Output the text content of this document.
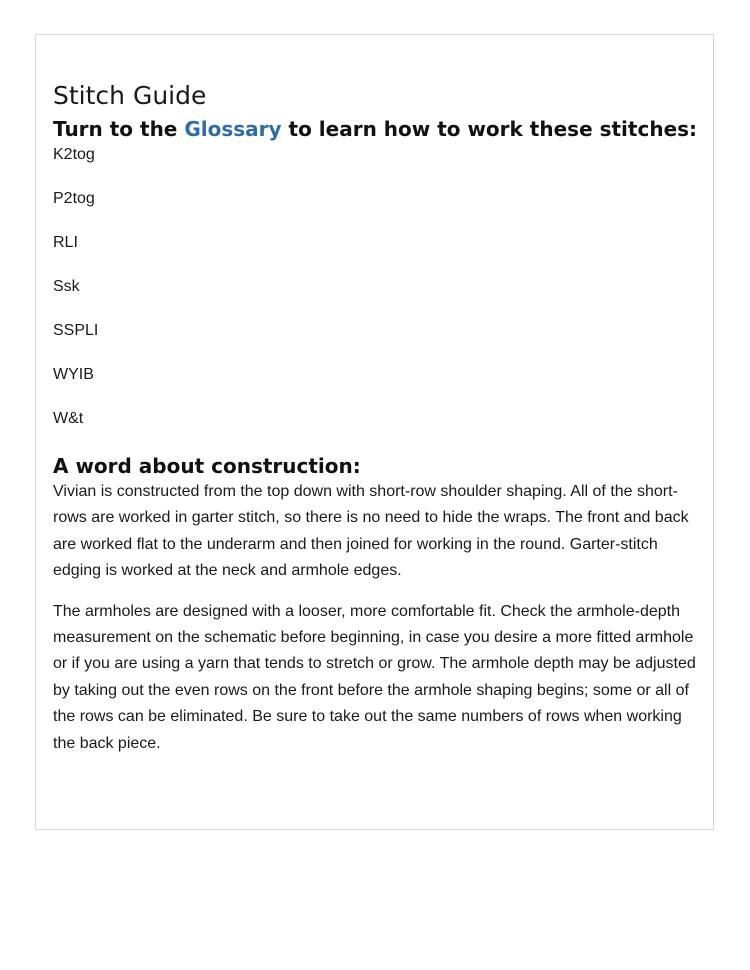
Stitch Guide
Turn to the Glossary to learn how to work these stitches:
K2tog
P2tog
RLI
Ssk
SSPLI
WYIB
W&t
A word about construction:

Vivian is constructed from the top down with short-row shoulder shaping. All of the short-rows are worked in garter stitch, so there is no need to hide the wraps. The front and back are worked flat to the underarm and then joined for working in the round. Garter-stitch edging is worked at the neck and armhole edges.

The armholes are designed with a looser, more comfortable fit. Check the armhole-depth measurement on the schematic before beginning, in case you desire a more fitted armhole or if you are using a yarn that tends to stretch or grow. The armhole depth may be adjusted by taking out the even rows on the front before the armhole shaping begins; some or all of the rows can be eliminated. Be sure to take out the same numbers of rows when working the back piece.
